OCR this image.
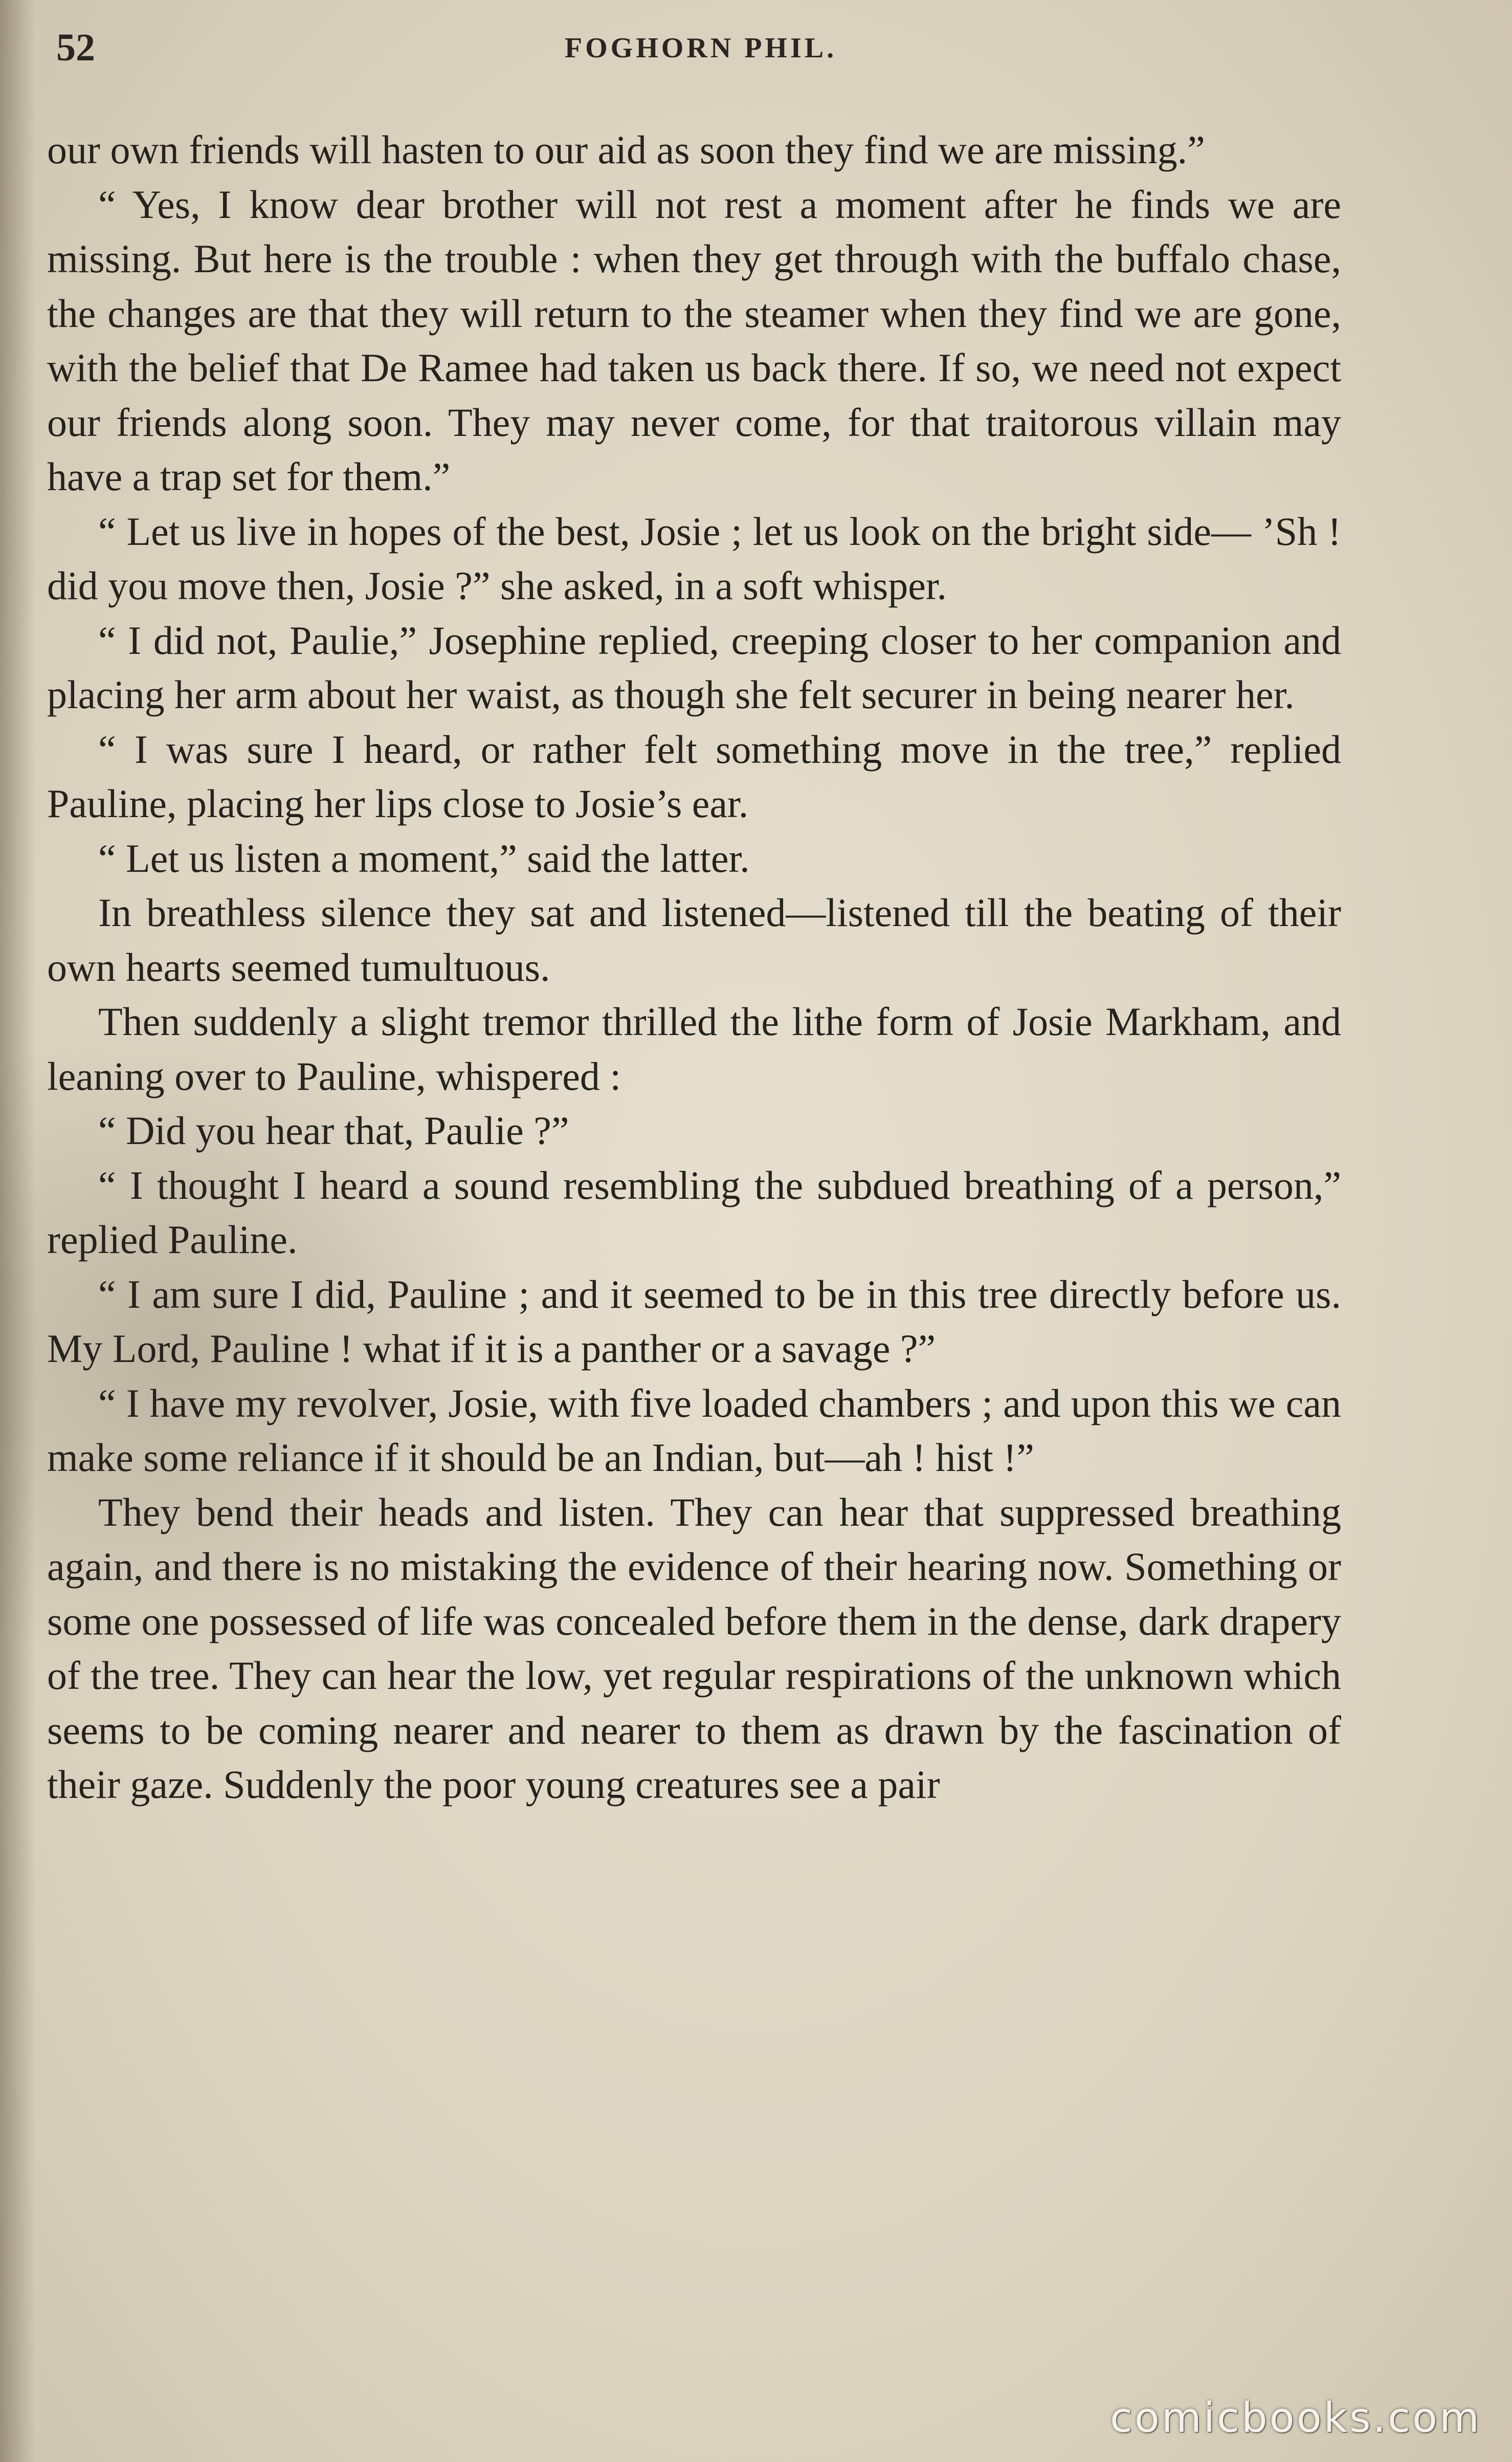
52	FOGHORN PHIL.

our own friends will hasten to our aid as soon they find we are missing.”

“ Yes, I know dear brother will not rest a moment after he finds we are missing. But here is the trouble : when they get through with the buffalo chase, the changes are that they will return to the steamer when they find we are gone, with the belief that De Ramee had taken us back there. If so, we need not expect our friends along soon. They may never come, for that traitorous villain may have a trap set for them.”

“ Let us live in hopes of the best, Josie ; let us look on the bright side— ’Sh ! did you move then, Josie ?” she asked, in a soft whisper.

“ I did not, Paulie,” Josephine replied, creeping closer to her companion and placing her arm about her waist, as though she felt securer in being nearer her.

“ I was sure I heard, or rather felt something move in the tree,” replied Pauline, placing her lips close to Josie’s ear.

“ Let us listen a moment,” said the latter.

In breathless silence they sat and listened—listened till the beating of their own hearts seemed tumultuous.

Then suddenly a slight tremor thrilled the lithe form of Josie Markham, and leaning over to Pauline, whispered :

“ Did you hear that, Paulie ?”

“ I thought I heard a sound resembling the subdued breathing of a person,” replied Pauline.

“ I am sure I did, Pauline ; and it seemed to be in this tree directly before us. My Lord, Pauline ! what if it is a panther or a savage ?”

“ I have my revolver, Josie, with five loaded chambers ; and upon this we can make some reliance if it should be an Indian, but—ah ! hist !”

They bend their heads and listen. They can hear that suppressed breathing again, and there is no mistaking the evidence of their hearing now. Something or some one possessed of life was concealed before them in the dense, dark drapery of the tree. They can hear the low, yet regular respirations of the unknown which seems to be coming nearer and nearer to them as drawn by the fascination of their gaze. Suddenly the poor young creatures see a pair

comicbooks.com
